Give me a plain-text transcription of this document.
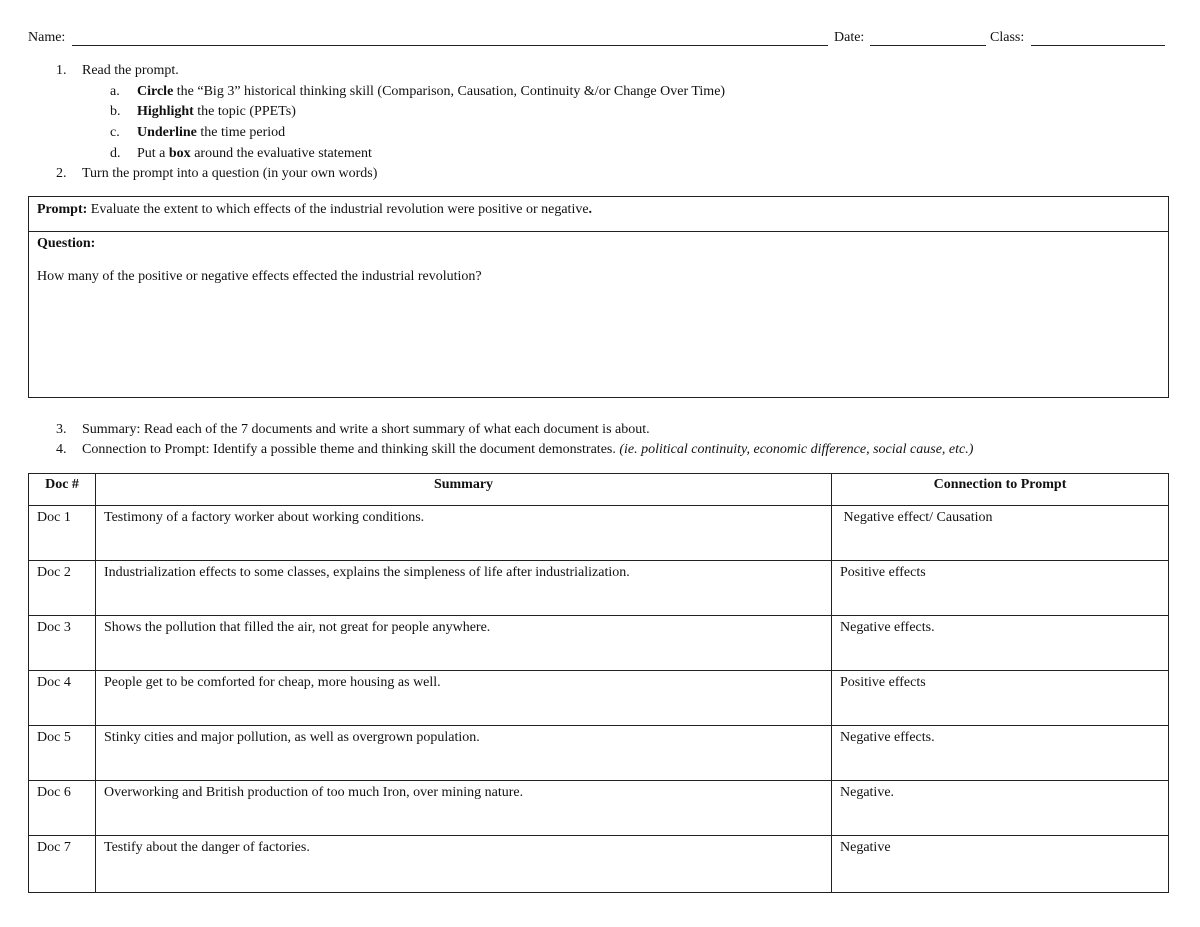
Name:	Date:	Class:
1. Read the prompt.
a. Circle the “Big 3” historical thinking skill (Comparison, Causation, Continuity &/or Change Over Time)
b. Highlight the topic (PPETs)
c. Underline the time period
d. Put a box around the evaluative statement
2. Turn the prompt into a question (in your own words)
Prompt: Evaluate the extent to which effects of the industrial revolution were positive or negative.
Question:
How many of the positive or negative effects effected the industrial revolution?
3. Summary: Read each of the 7 documents and write a short summary of what each document is about.
4. Connection to Prompt: Identify a possible theme and thinking skill the document demonstrates. (ie. political continuity, economic difference, social cause, etc.)
Doc #	Summary	Connection to Prompt
Doc 1	Testimony of a factory worker about working conditions.	Negative effect/ Causation
Doc 2	Industrialization effects to some classes, explains the simpleness of life after industrialization.	Positive effects
Doc 3	Shows the pollution that filled the air, not great for people anywhere.	Negative effects.
Doc 4	People get to be comforted for cheap, more housing as well.	Positive effects
Doc 5	Stinky cities and major pollution, as well as overgrown population.	Negative effects.
Doc 6	Overworking and British production of too much Iron, over mining nature.	Negative.
Doc 7	Testify about the danger of factories.	Negative
